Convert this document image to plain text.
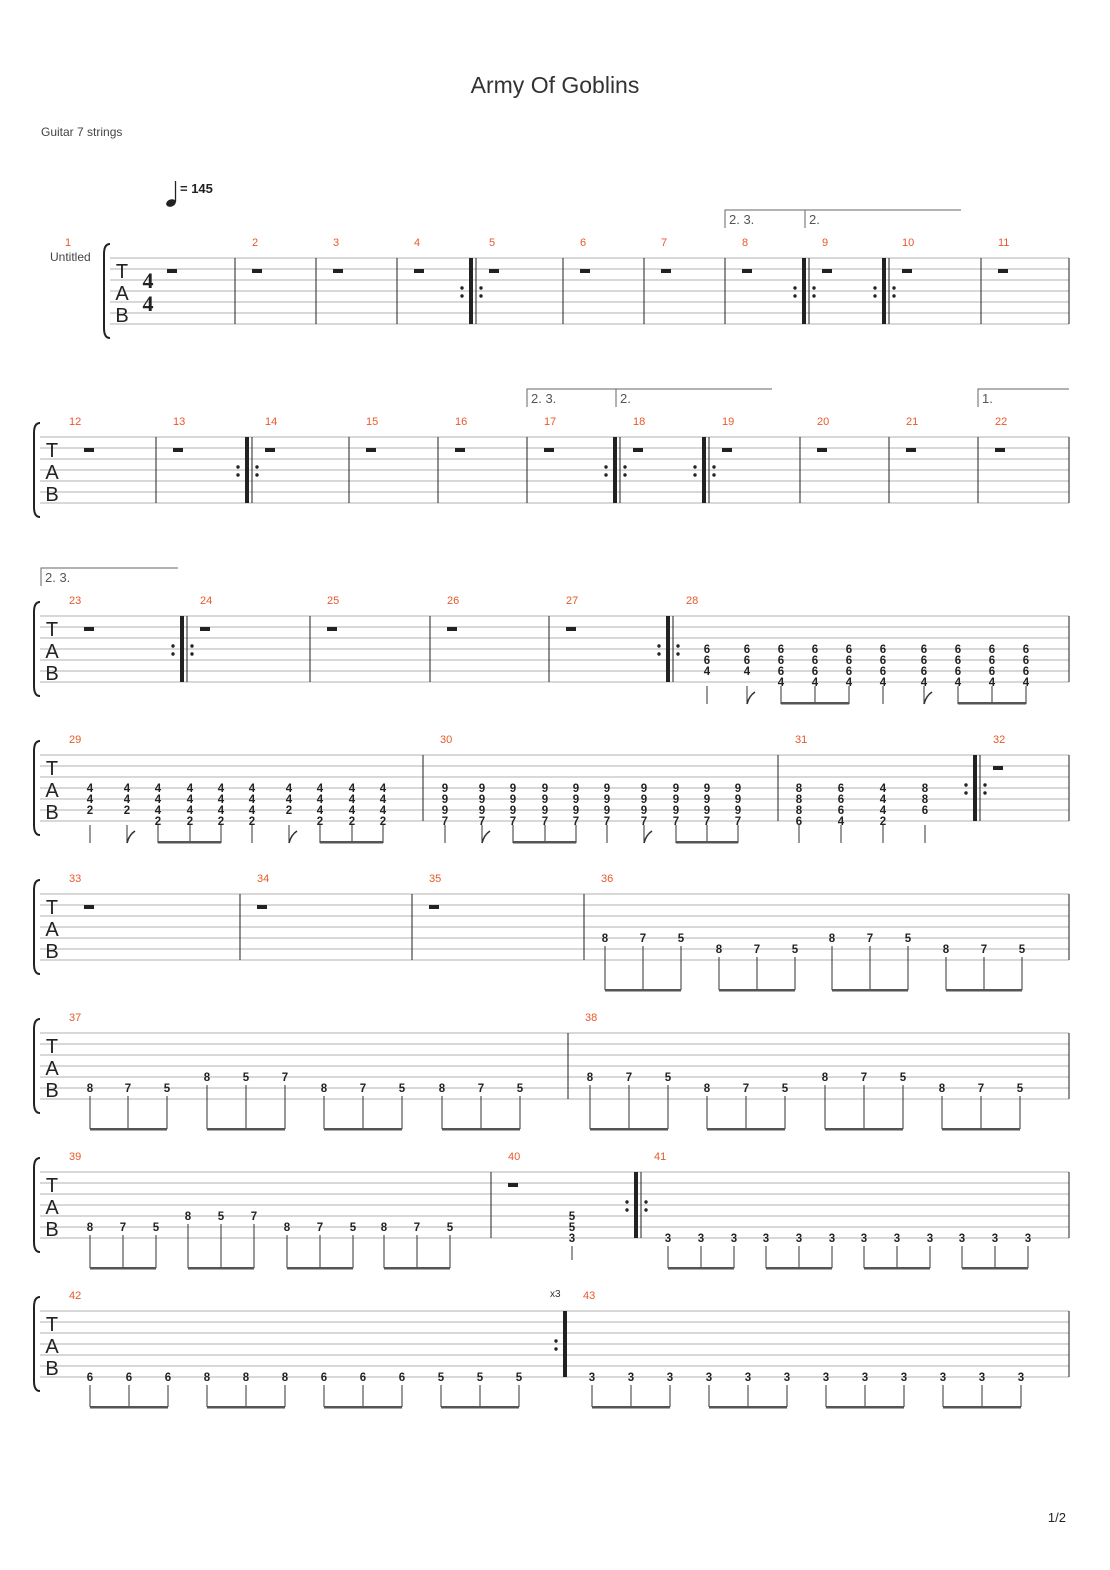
Army Of Goblins
Guitar 7 strings
1/2
= 145
Untitled
T
A
B
4
4
1	2	3	4	5	6	7	8
2. 3.
9
2.
10	11
T
A
B
12	13	14	15	16	17
2. 3.
18
2.
19	20	21	22
1.
T
A
B
23
2. 3.
24	25	26	27	28
6
6
4
6
6
4
6
6
6
4
6
6
6
4
6
6
6
4
6
6
6
4
6
6
6
4
6
6
6
4
6
6
6
4
6
6
6
4
T
A
B
29
4
4
2
4
4
2
4
4
4
2
4
4
4
2
4
4
4
2
4
4
4
2
4
4
2
4
4
4
2
4
4
4
2
4
4
4
2
30
9
9
9
7
9
9
9
7
9
9
9
7
9
9
9
7
9
9
9
7
9
9
9
7
9
9
9
7
9
9
9
7
9
9
9
7
9
9
9
7
31
8
8
8
6
6
6
6
4
4
4
4
2
8
8
6
32
T
A
B
33	34	35	36
8	7	5
8	7	5
8	7	5
8	7	5
T
A
B
37
8	7	5
8	5	7
8	7	5	8	7	5
38
8	7	5
8	7	5
8	7	5
8	7	5
T
A
B
39
8 7 5
8 5 7
8 7 5 8 7 5
40
5
5
3
41
3 3 3 3 3 3 3 3 3 3 3 3
T
A
B
42
6	6	6	8	8	8	6	6	6	5	5	5
43
x3
3	3	3	3	3	3	3	3	3	3	3	3
